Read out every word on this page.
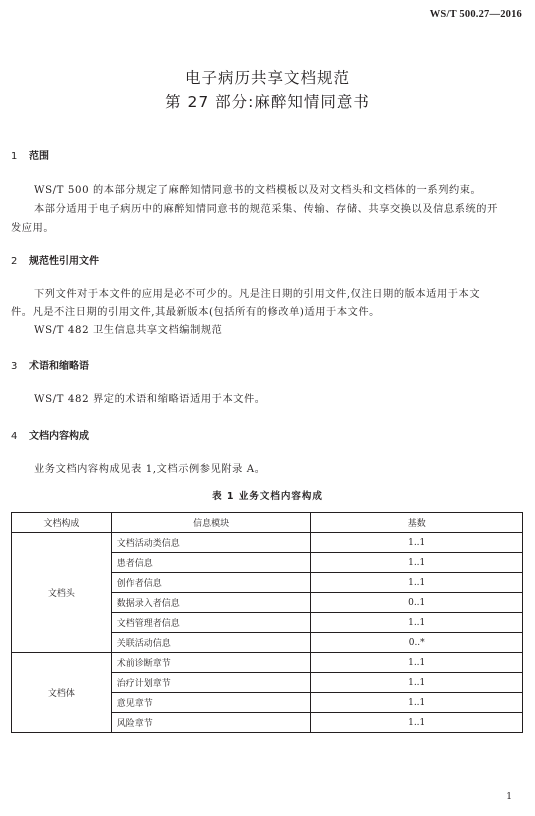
WS/T 500.27—2016
电子病历共享文档规范
第 27 部分:麻醉知情同意书
1 范围
WS/T 500 的本部分规定了麻醉知情同意书的文档模板以及对文档头和文档体的一系列约束。
本部分适用于电子病历中的麻醉知情同意书的规范采集、传输、存储、共享交换以及信息系统的开
发应用。
2 规范性引用文件
下列文件对于本文件的应用是必不可少的。凡是注日期的引用文件,仅注日期的版本适用于本文
件。凡是不注日期的引用文件,其最新版本(包括所有的修改单)适用于本文件。
WS/T 482 卫生信息共享文档编制规范
3 术语和缩略语
WS/T 482 界定的术语和缩略语适用于本文件。
4 文档内容构成
业务文档内容构成见表 1,文档示例参见附录 A。
表 1 业务文档内容构成
文档构成	信息模块	基数
文档头	文档活动类信息	1..1
	患者信息	1..1
	创作者信息	1..1
	数据录入者信息	0..1
	文档管理者信息	1..1
	关联活动信息	0..*
文档体	术前诊断章节	1..1
	治疗计划章节	1..1
	意见章节	1..1
	风险章节	1..1
1
